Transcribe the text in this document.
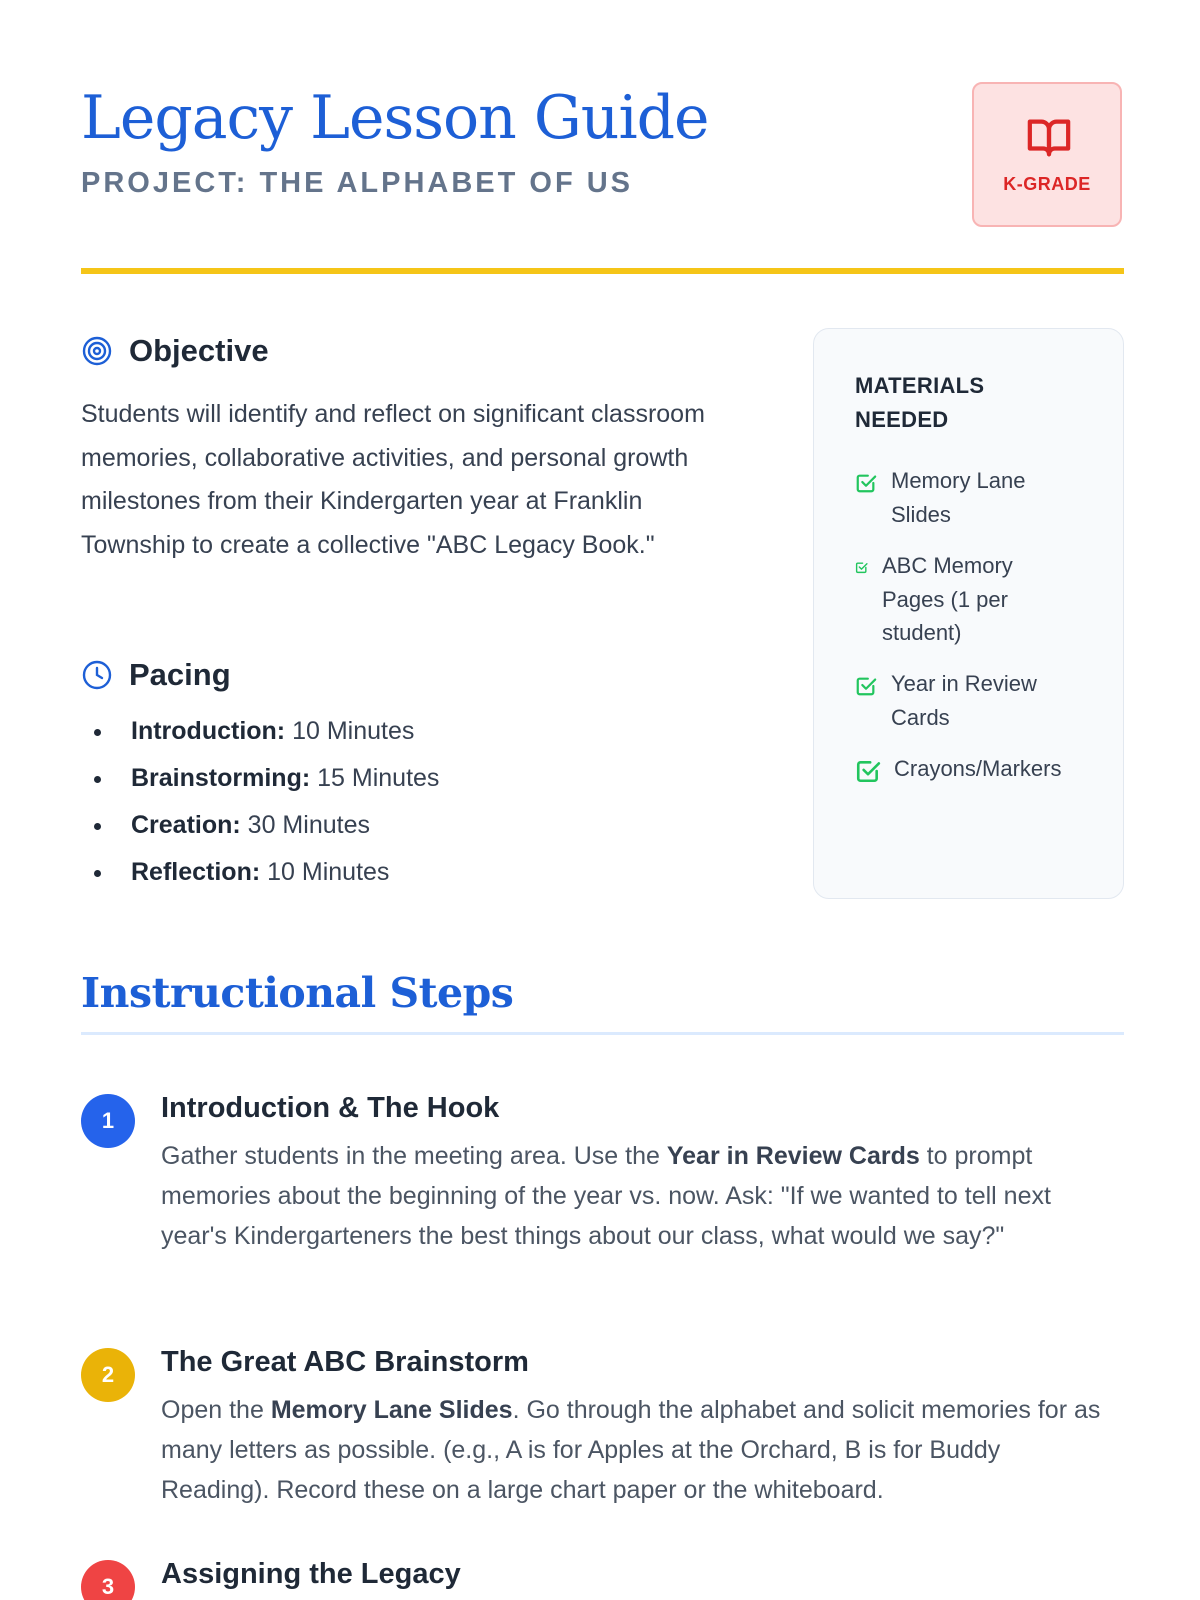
Legacy Lesson Guide
PROJECT: THE ALPHABET OF US	K-GRADE
Objective

Students will identify and reflect on significant classroom memories, collaborative activities, and personal growth milestones from their Kindergarten year at Franklin Township to create a collective "ABC Legacy Book."

Pacing
Introduction: 10 Minutes
Brainstorming: 15 Minutes
Creation: 30 Minutes
Reflection: 10 Minutes
MATERIALS NEEDED
Memory Lane Slides
ABC Memory Pages (1 per student)
Year in Review Cards
Crayons/Markers
Instructional Steps
1	Introduction & The Hook

Gather students in the meeting area. Use the Year in Review Cards to prompt memories about the beginning of the year vs. now. Ask: "If we wanted to tell next year's Kindergarteners the best things about our class, what would we say?"

2	The Great ABC Brainstorm

Open the Memory Lane Slides. Go through the alphabet and solicit memories for as many letters as possible. (e.g., A is for Apples at the Orchard, B is for Buddy Reading). Record these on a large chart paper or the whiteboard.

3	Assigning the Legacy
